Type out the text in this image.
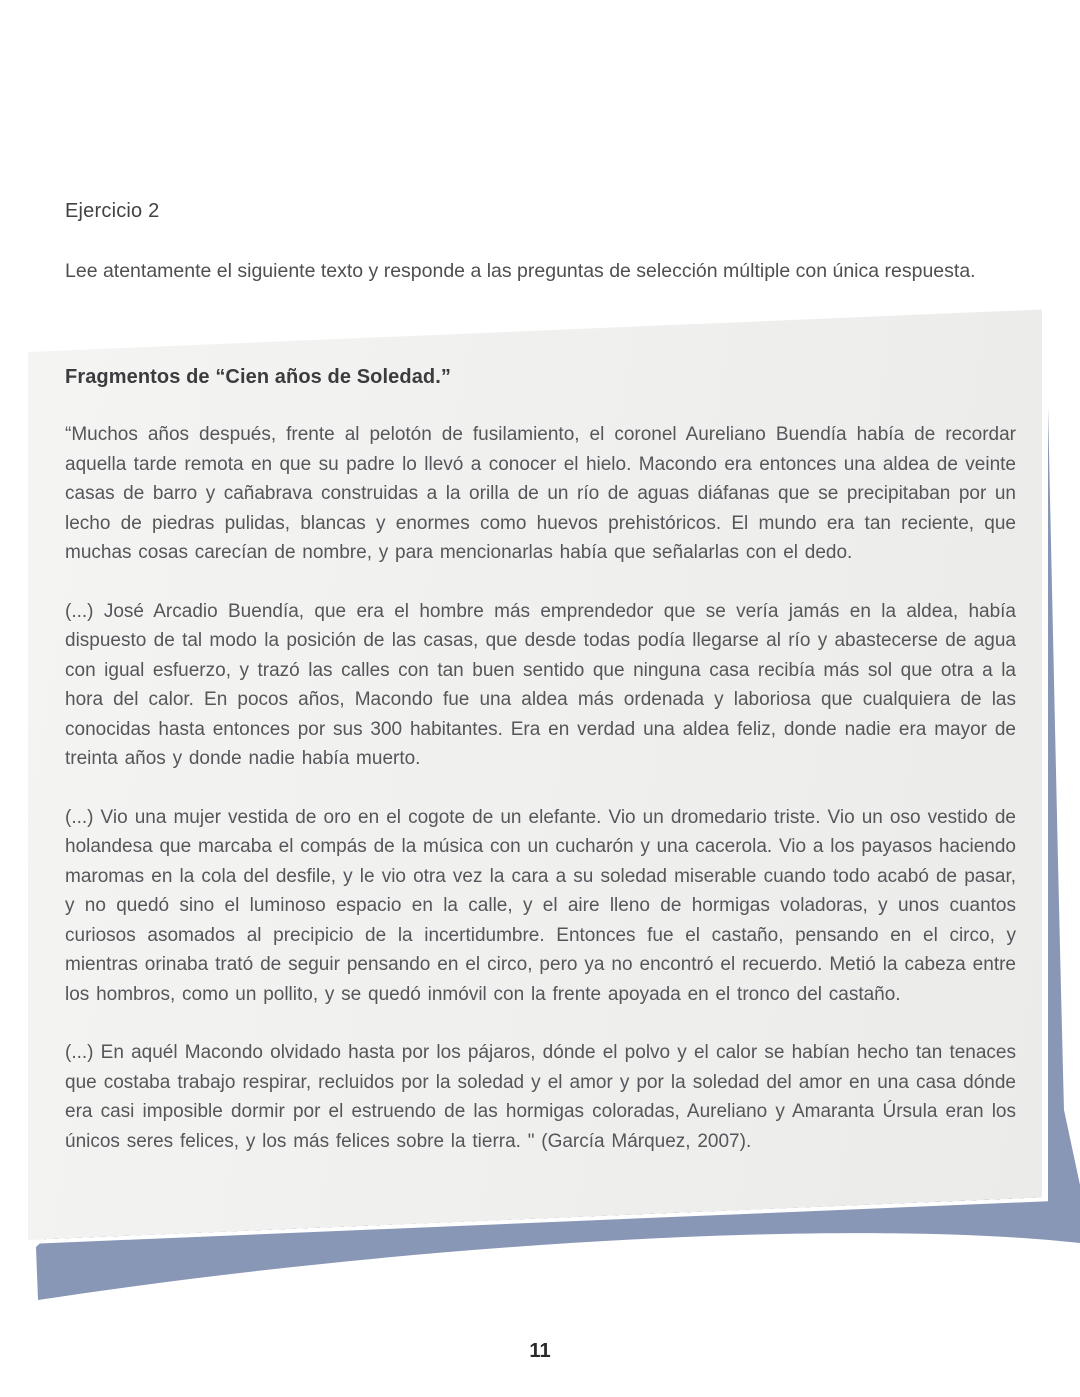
Ejercicio 2
Lee atentamente el siguiente texto y responde a las preguntas de selección múltiple con única respuesta.
Fragmentos de “Cien años de Soledad.”

“Muchos años después, frente al pelotón de fusilamiento, el coronel Aureliano Buendía había de recordar aquella tarde remota en que su padre lo llevó a conocer el hielo. Macondo era entonces una aldea de veinte casas de barro y cañabrava construidas a la orilla de un río de aguas diáfanas que se precipitaban por un lecho de piedras pulidas, blancas y enormes como huevos prehistóricos. El mundo era tan reciente, que muchas cosas carecían de nombre, y para mencionarlas había que señalarlas con el dedo.

(...) José Arcadio Buendía, que era el hombre más emprendedor que se vería jamás en la aldea, había dispuesto de tal modo la posición de las casas, que desde todas podía llegarse al río y abastecerse de agua con igual esfuerzo, y trazó las calles con tan buen sentido que ninguna casa recibía más sol que otra a la hora del calor. En pocos años, Macondo fue una aldea más ordenada y laboriosa que cualquiera de las conocidas hasta entonces por sus 300 habitantes. Era en verdad una aldea feliz, donde nadie era mayor de treinta años y donde nadie había muerto.

(...) Vio una mujer vestida de oro en el cogote de un elefante. Vio un dromedario triste. Vio un oso vestido de holandesa que marcaba el compás de la música con un cucharón y una cacerola. Vio a los payasos haciendo maromas en la cola del desfile, y le vio otra vez la cara a su soledad miserable cuando todo acabó de pasar, y no quedó sino el luminoso espacio en la calle, y el aire lleno de hormigas voladoras, y unos cuantos curiosos asomados al precipicio de la incertidumbre. Entonces fue el castaño, pensando en el circo, y mientras orinaba trató de seguir pensando en el circo, pero ya no encontró el recuerdo. Metió la cabeza entre los hombros, como un pollito, y se quedó inmóvil con la frente apoyada en el tronco del castaño.

(...) En aquél Macondo olvidado hasta por los pájaros, dónde el polvo y el calor se habían hecho tan tenaces que costaba trabajo respirar, recluidos por la soledad y el amor y por la soledad del amor en una casa dónde era casi imposible dormir por el estruendo de las hormigas coloradas, Aureliano y Amaranta Úrsula eran los únicos seres felices, y los más felices sobre la tierra. " (García Márquez, 2007).

11
